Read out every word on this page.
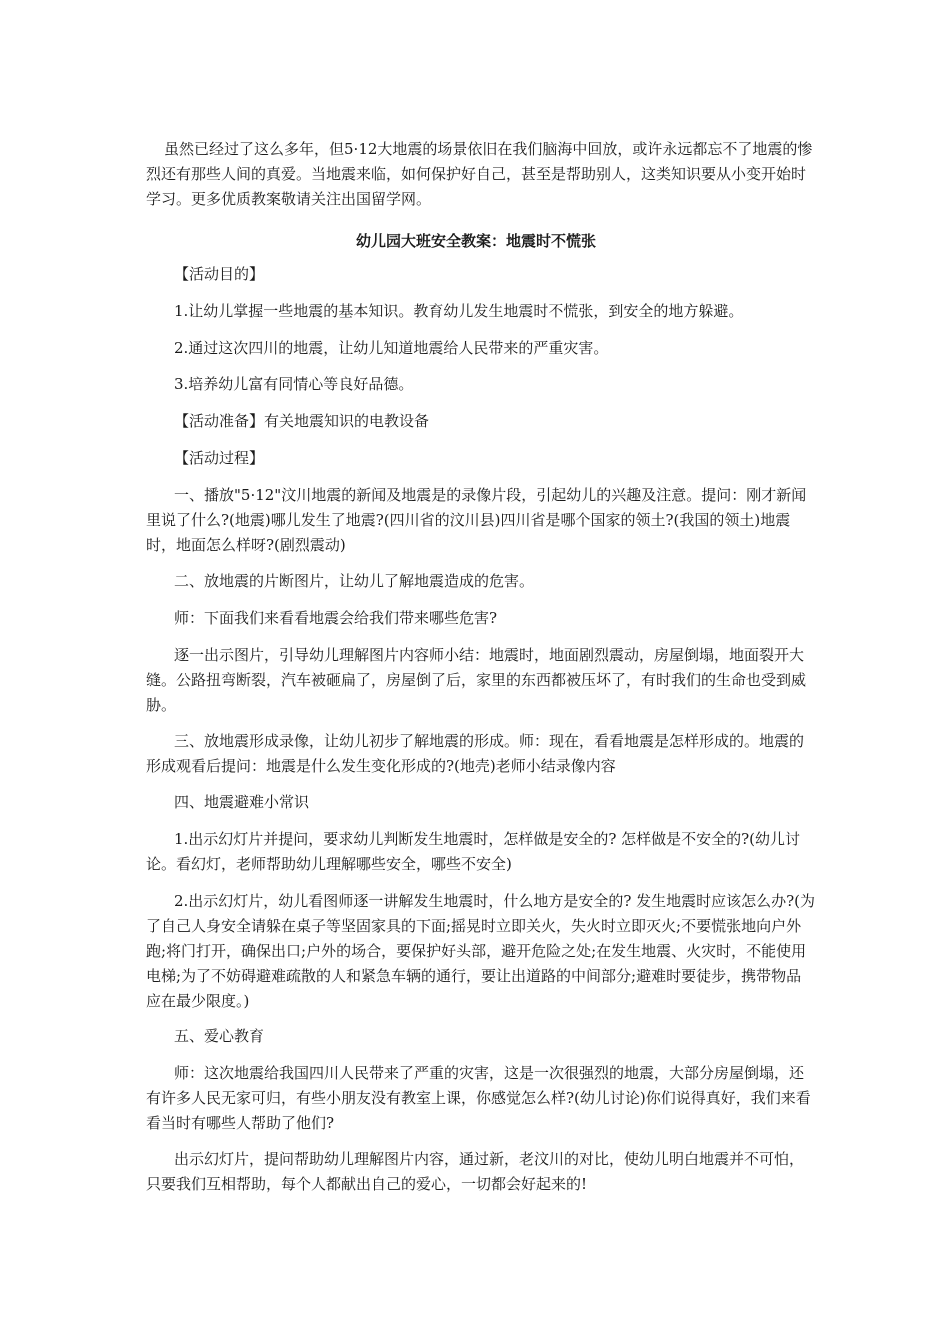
虽然已经过了这么多年，但5·12大地震的场景依旧在我们脑海中回放，或许永远都忘不了地震的惨烈还有那些人间的真爱。当地震来临，如何保护好自己，甚至是帮助别人，这类知识要从小变开始时学习。更多优质教案敬请关注出国留学网。

幼儿园大班安全教案：地震时不慌张

【活动目的】

1.让幼儿掌握一些地震的基本知识。教育幼儿发生地震时不慌张，到安全的地方躲避。

2.通过这次四川的地震，让幼儿知道地震给人民带来的严重灾害。

3.培养幼儿富有同情心等良好品德。

【活动准备】有关地震知识的电教设备

【活动过程】

一、播放"5·12"汶川地震的新闻及地震是的录像片段，引起幼儿的兴趣及注意。提问：刚才新闻里说了什么?(地震)哪儿发生了地震?(四川省的汶川县)四川省是哪个国家的领土?(我国的领土)地震时，地面怎么样呀?(剧烈震动)

二、放地震的片断图片，让幼儿了解地震造成的危害。

师：下面我们来看看地震会给我们带来哪些危害?

逐一出示图片，引导幼儿理解图片内容师小结：地震时，地面剧烈震动，房屋倒塌，地面裂开大缝。公路扭弯断裂，汽车被砸扁了，房屋倒了后，家里的东西都被压坏了，有时我们的生命也受到威胁。

三、放地震形成录像，让幼儿初步了解地震的形成。师：现在，看看地震是怎样形成的。地震的形成观看后提问：地震是什么发生变化形成的?(地壳)老师小结录像内容

四、地震避难小常识

1.出示幻灯片并提问，要求幼儿判断发生地震时，怎样做是安全的? 怎样做是不安全的?(幼儿讨论。看幻灯，老师帮助幼儿理解哪些安全，哪些不安全)

2.出示幻灯片，幼儿看图师逐一讲解发生地震时，什么地方是安全的? 发生地震时应该怎么办?(为了自己人身安全请躲在桌子等坚固家具的下面;摇晃时立即关火，失火时立即灭火;不要慌张地向户外跑;将门打开，确保出口;户外的场合，要保护好头部，避开危险之处;在发生地震、火灾时，不能使用电梯;为了不妨碍避难疏散的人和紧急车辆的通行，要让出道路的中间部分;避难时要徒步，携带物品应在最少限度。)

五、爱心教育

师：这次地震给我国四川人民带来了严重的灾害，这是一次很强烈的地震，大部分房屋倒塌，还有许多人民无家可归，有些小朋友没有教室上课，你感觉怎么样?(幼儿讨论)你们说得真好，我们来看看当时有哪些人帮助了他们?

出示幻灯片，提问帮助幼儿理解图片内容，通过新，老汶川的对比，使幼儿明白地震并不可怕，只要我们互相帮助，每个人都献出自己的爱心，一切都会好起来的!
